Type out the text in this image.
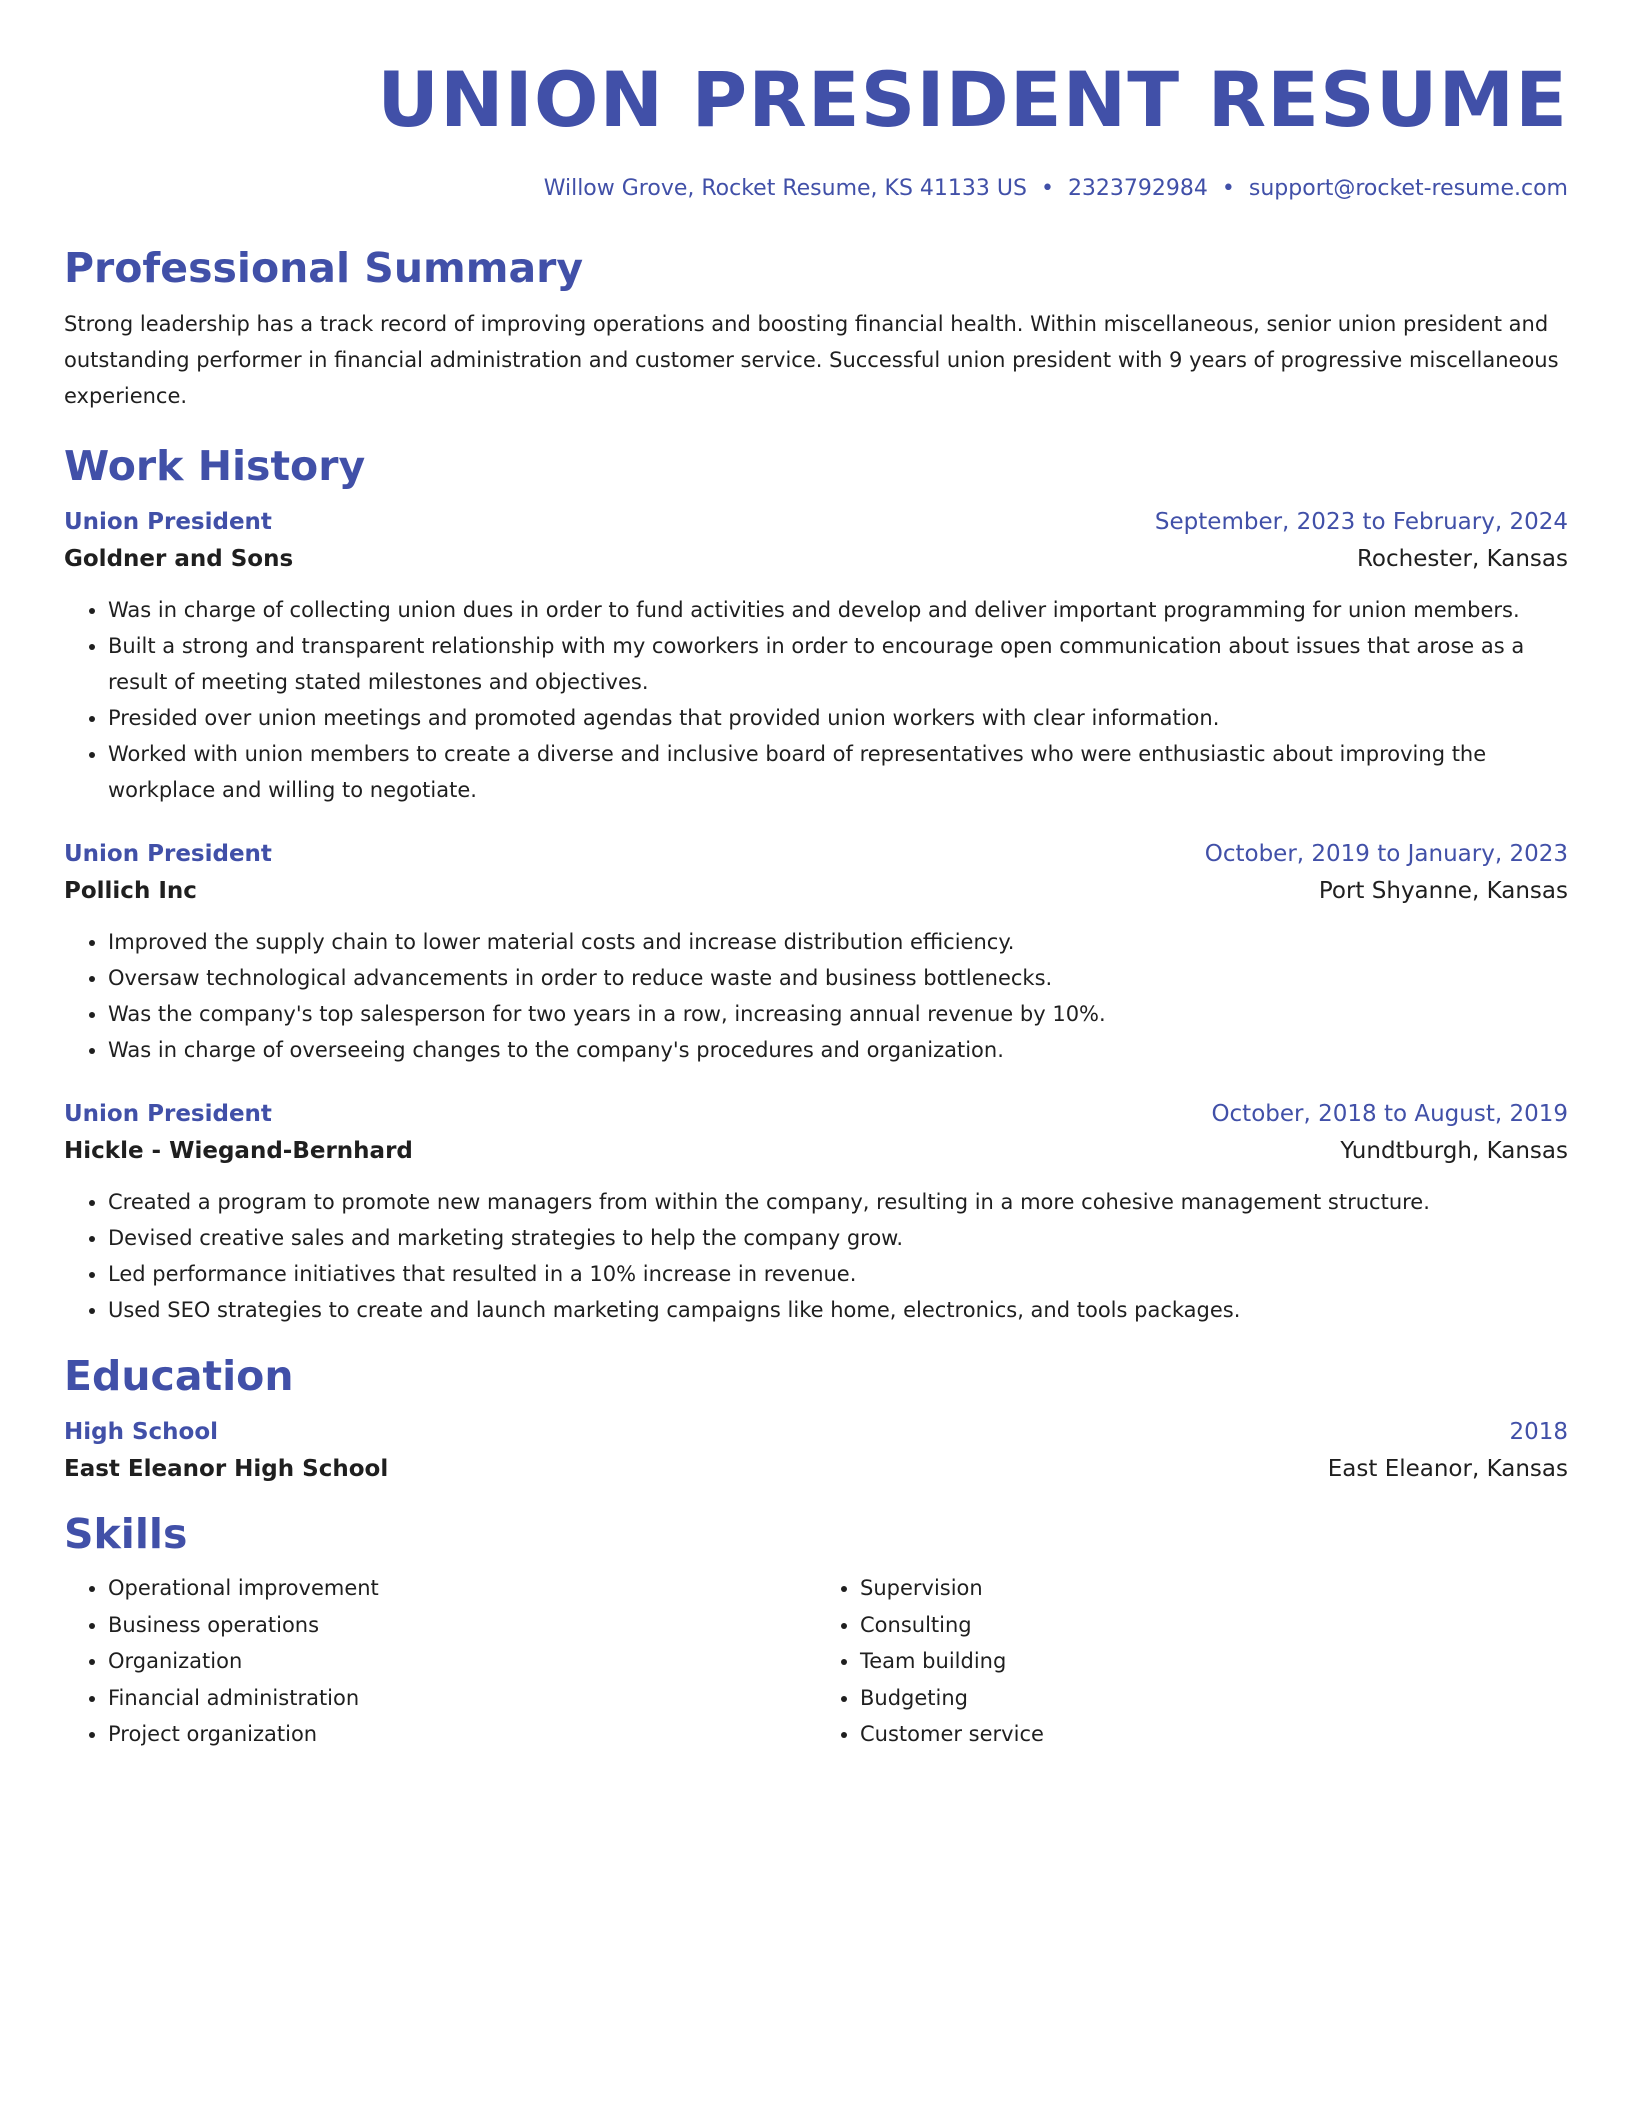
UNION PRESIDENT RESUME
Willow Grove, Rocket Resume, KS 41133 US • 2323792984 • support@rocket-resume.com
Professional Summary

Strong leadership has a track record of improving operations and boosting financial health. Within miscellaneous, senior union president and outstanding performer in financial administration and customer service. Successful union president with 9 years of progressive miscellaneous experience.

Work History
Union President	September, 2023 to February, 2024
Goldner and Sons	Rochester, Kansas
• Was in charge of collecting union dues in order to fund activities and develop and deliver important programming for union members.
• Built a strong and transparent relationship with my coworkers in order to encourage open communication about issues that arose as a result of meeting stated milestones and objectives.
• Presided over union meetings and promoted agendas that provided union workers with clear information.
• Worked with union members to create a diverse and inclusive board of representatives who were enthusiastic about improving the workplace and willing to negotiate.
Union President	October, 2019 to January, 2023
Pollich Inc	Port Shyanne, Kansas
• Improved the supply chain to lower material costs and increase distribution efficiency.
• Oversaw technological advancements in order to reduce waste and business bottlenecks.
• Was the company's top salesperson for two years in a row, increasing annual revenue by 10%.
• Was in charge of overseeing changes to the company's procedures and organization.
Union President	October, 2018 to August, 2019
Hickle - Wiegand-Bernhard	Yundtburgh, Kansas
• Created a program to promote new managers from within the company, resulting in a more cohesive management structure.
• Devised creative sales and marketing strategies to help the company grow.
• Led performance initiatives that resulted in a 10% increase in revenue.
• Used SEO strategies to create and launch marketing campaigns like home, electronics, and tools packages.
Education
High School	2018
East Eleanor High School	East Eleanor, Kansas
Skills
• Operational improvement
• Business operations
• Organization
• Financial administration
• Project organization
• Supervision
• Consulting
• Team building
• Budgeting
• Customer service
